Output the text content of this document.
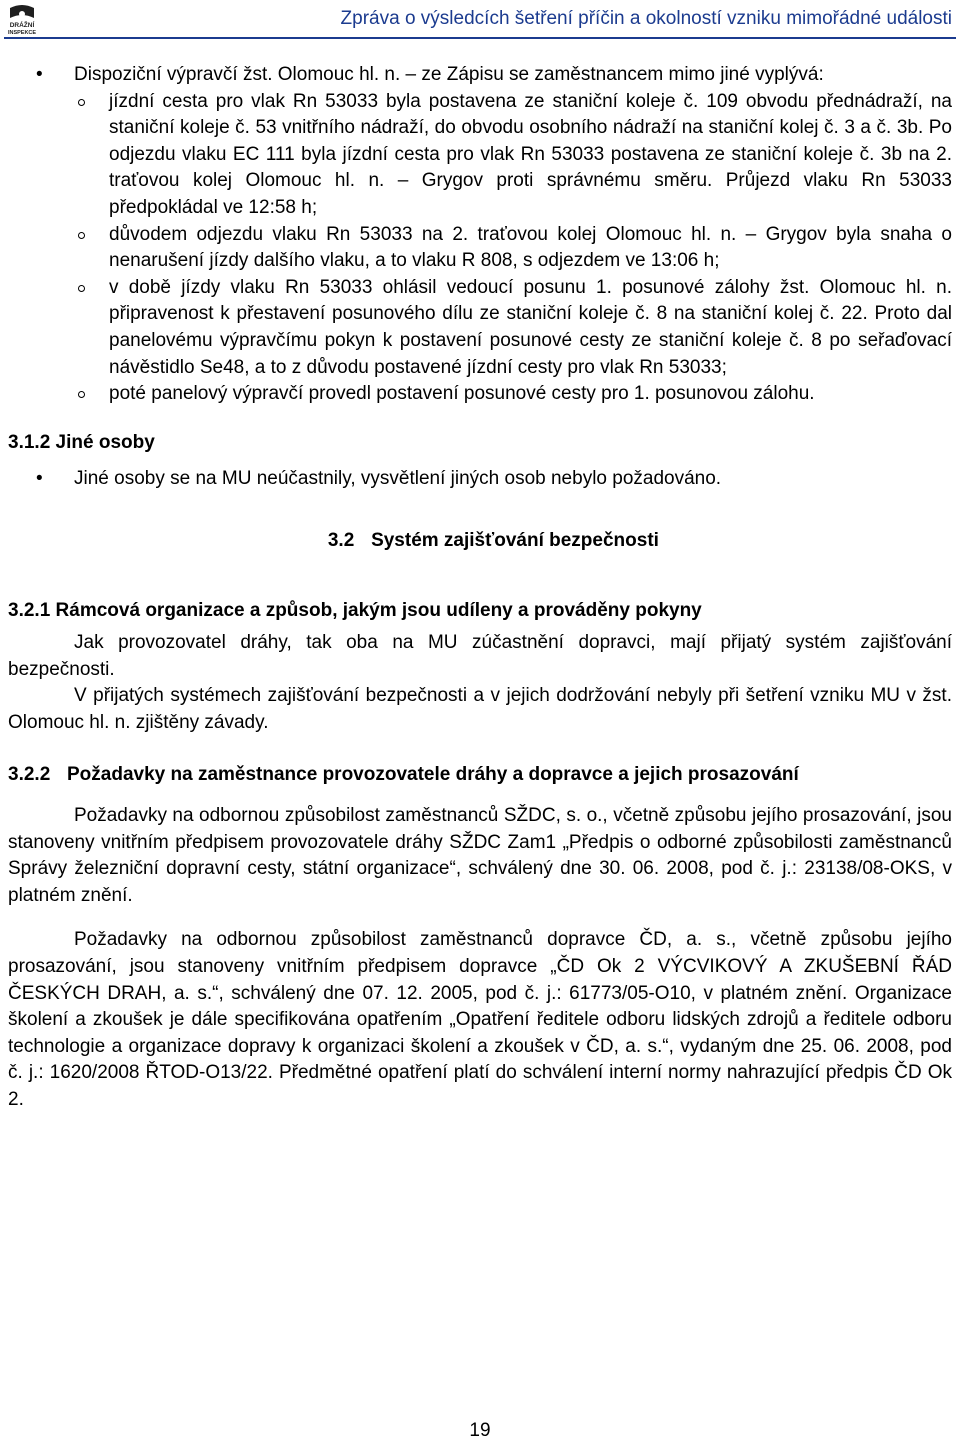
DRÁŽNÍ
INSPEKCE
Zpráva o výsledcích šetření příčin a okolností vzniku mimořádné události
• Dispoziční výpravčí žst. Olomouc hl. n. – ze Zápisu se zaměstnancem mimo jiné vyplývá:
jízdní cesta pro vlak Rn 53033 byla postavena ze staniční koleje č. 109 obvodu přednádraží, na staniční koleje č. 53 vnitřního nádraží, do obvodu osobního nádraží na staniční kolej č. 3 a č. 3b. Po odjezdu vlaku EC 111 byla jízdní cesta pro vlak Rn 53033 postavena ze staniční koleje č. 3b na 2. traťovou kolej Olomouc hl. n. – Grygov proti správnému směru. Průjezd vlaku Rn 53033 předpokládal ve 12:58 h;
důvodem odjezdu vlaku Rn 53033 na 2. traťovou kolej Olomouc hl. n. – Grygov byla snaha o nenarušení jízdy dalšího vlaku, a to vlaku R 808, s odjezdem ve 13:06 h;
v době jízdy vlaku Rn 53033 ohlásil vedoucí posunu 1. posunové zálohy žst. Olomouc hl. n. připravenost k přestavení posunového dílu ze staniční koleje č. 8 na staniční kolej č. 22. Proto dal panelovému výpravčímu pokyn k postavení posunové cesty ze staniční koleje č. 8 po seřaďovací návěstidlo Se48, a to z důvodu postavené jízdní cesty pro vlak Rn 53033;
poté panelový výpravčí provedl postavení posunové cesty pro 1. posunovou zálohu.
3.1.2 Jiné osoby
• Jiné osoby se na MU neúčastnily, vysvětlení jiných osob nebylo požadováno.
3.2 Systém zajišťování bezpečnosti
3.2.1 Rámcová organizace a způsob, jakým jsou udíleny a prováděny pokyny

Jak provozovatel dráhy, tak oba na MU zúčastnění dopravci, mají přijatý systém zajišťování bezpečnosti.

V přijatých systémech zajišťování bezpečnosti a v jejich dodržování nebyly při šetření vzniku MU v žst. Olomouc hl. n. zjištěny závady.

3.2.2 Požadavky na zaměstnance provozovatele dráhy a dopravce a jejich prosazování

Požadavky na odbornou způsobilost zaměstnanců SŽDC, s. o., včetně způsobu jejího prosazování, jsou stanoveny vnitřním předpisem provozovatele dráhy SŽDC Zam1 „Předpis o odborné způsobilosti zaměstnanců Správy železniční dopravní cesty, státní organizace“, schválený dne 30. 06. 2008, pod č. j.: 23138/08-OKS, v platném znění.

Požadavky na odbornou způsobilost zaměstnanců dopravce ČD, a. s., včetně způsobu jejího prosazování, jsou stanoveny vnitřním předpisem dopravce „ČD Ok 2 VÝCVIKOVÝ A ZKUŠEBNÍ ŘÁD ČESKÝCH DRAH, a. s.“, schválený dne 07. 12. 2005, pod č. j.: 61773/05-O10, v platném znění. Organizace školení a zkoušek je dále specifikována opatřením „Opatření ředitele odboru lidských zdrojů a ředitele odboru technologie a organizace dopravy k organizaci školení a zkoušek v ČD, a. s.“, vydaným dne 25. 06. 2008, pod č. j.: 1620/2008 ŘTOD-O13/22. Předmětné opatření platí do schválení interní normy nahrazující předpis ČD Ok 2.

19
